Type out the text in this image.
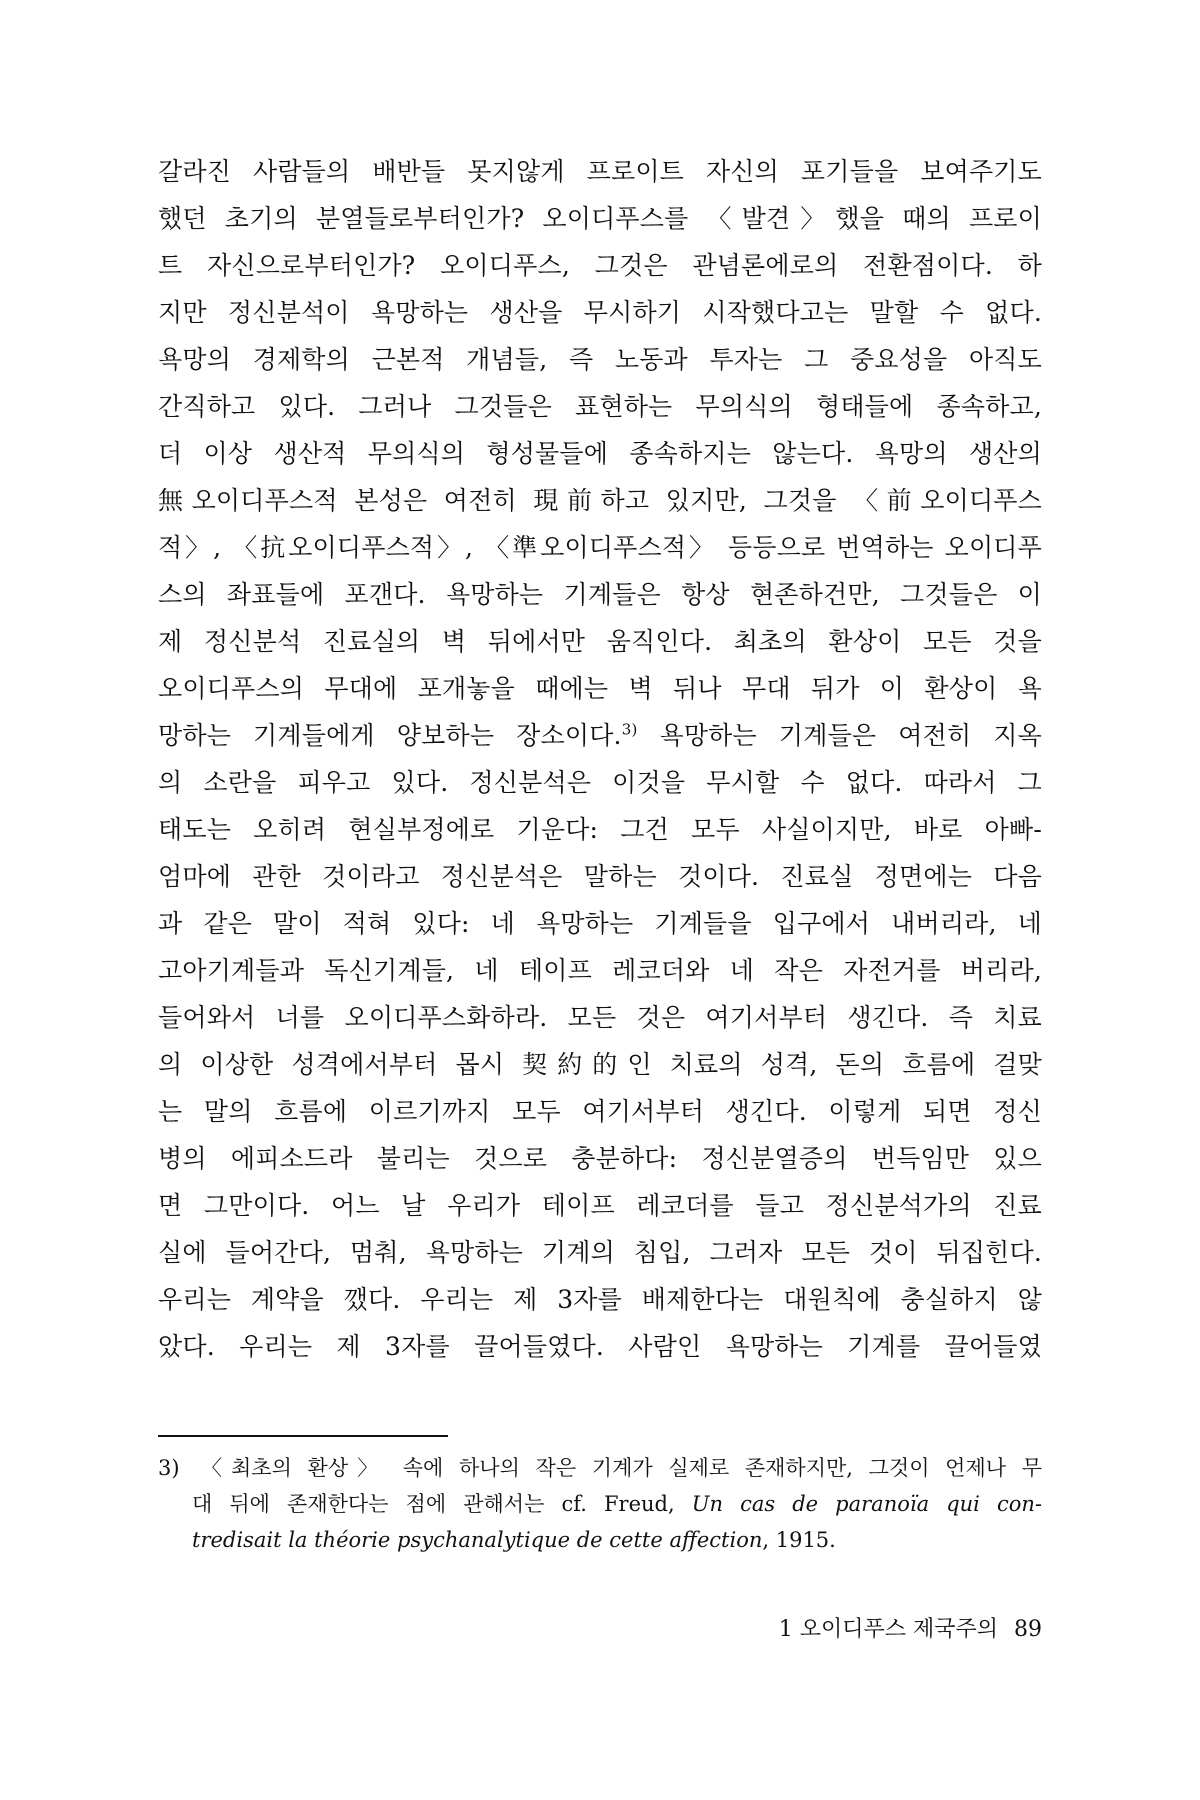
갈라진 사람들의 배반들 못지않게 프로이트 자신의 포기들을 보여주기도
했던 초기의 분열들로부터인가? 오이디푸스를 〈발견〉했을 때의 프로이
트 자신으로부터인가? 오이디푸스, 그것은 관념론에로의 전환점이다. 하
지만 정신분석이 욕망하는 생산을 무시하기 시작했다고는 말할 수 없다.
욕망의 경제학의 근본적 개념들, 즉 노동과 투자는 그 중요성을 아직도
간직하고 있다. 그러나 그것들은 표현하는 무의식의 형태들에 종속하고,
더 이상 생산적 무의식의 형성물들에 종속하지는 않는다. 욕망의 생산의
無오이디푸스적 본성은 여전히 現前하고 있지만, 그것을 〈前오이디푸스
적〉, 〈抗오이디푸스적〉, 〈準오이디푸스적〉 등등으로 번역하는 오이디푸
스의 좌표들에 포갠다. 욕망하는 기계들은 항상 현존하건만, 그것들은 이
제 정신분석 진료실의 벽 뒤에서만 움직인다. 최초의 환상이 모든 것을
오이디푸스의 무대에 포개놓을 때에는 벽 뒤나 무대 뒤가 이 환상이 욕
망하는 기계들에게 양보하는 장소이다.$^{3)}$ 욕망하는 기계들은 여전히 지옥
의 소란을 피우고 있다. 정신분석은 이것을 무시할 수 없다. 따라서 그
태도는 오히려 현실부정에로 기운다: 그건 모두 사실이지만, 바로 아빠-
엄마에 관한 것이라고 정신분석은 말하는 것이다. 진료실 정면에는 다음
과 같은 말이 적혀 있다: 네 욕망하는 기계들을 입구에서 내버리라, 네
고아기계들과 독신기계들, 네 테이프 레코더와 네 작은 자전거를 버리라,
들어와서 너를 오이디푸스화하라. 모든 것은 여기서부터 생긴다. 즉 치료
의 이상한 성격에서부터 몹시 契約的인 치료의 성격, 돈의 흐름에 걸맞
는 말의 흐름에 이르기까지 모두 여기서부터 생긴다. 이렇게 되면 정신
병의 에피소드라 불리는 것으로 충분하다: 정신분열증의 번득임만 있으
면 그만이다. 어느 날 우리가 테이프 레코더를 들고 정신분석가의 진료
실에 들어간다, 멈춰, 욕망하는 기계의 침입, 그러자 모든 것이 뒤집힌다.
우리는 계약을 깼다. 우리는 제 3자를 배제한다는 대원칙에 충실하지 않
았다. 우리는 제 3자를 끌어들였다. 사람인 욕망하는 기계를 끌어들였
3) 〈최초의 환상〉 속에 하나의 작은 기계가 실제로 존재하지만, 그것이 언제나 무
대 뒤에 존재한다는 점에 관해서는 cf. Freud, Un cas de paranoïa qui con-
tredisait la théorie psychanalytique de cette affection, 1915.
1 오이디푸스 제국주의 89
